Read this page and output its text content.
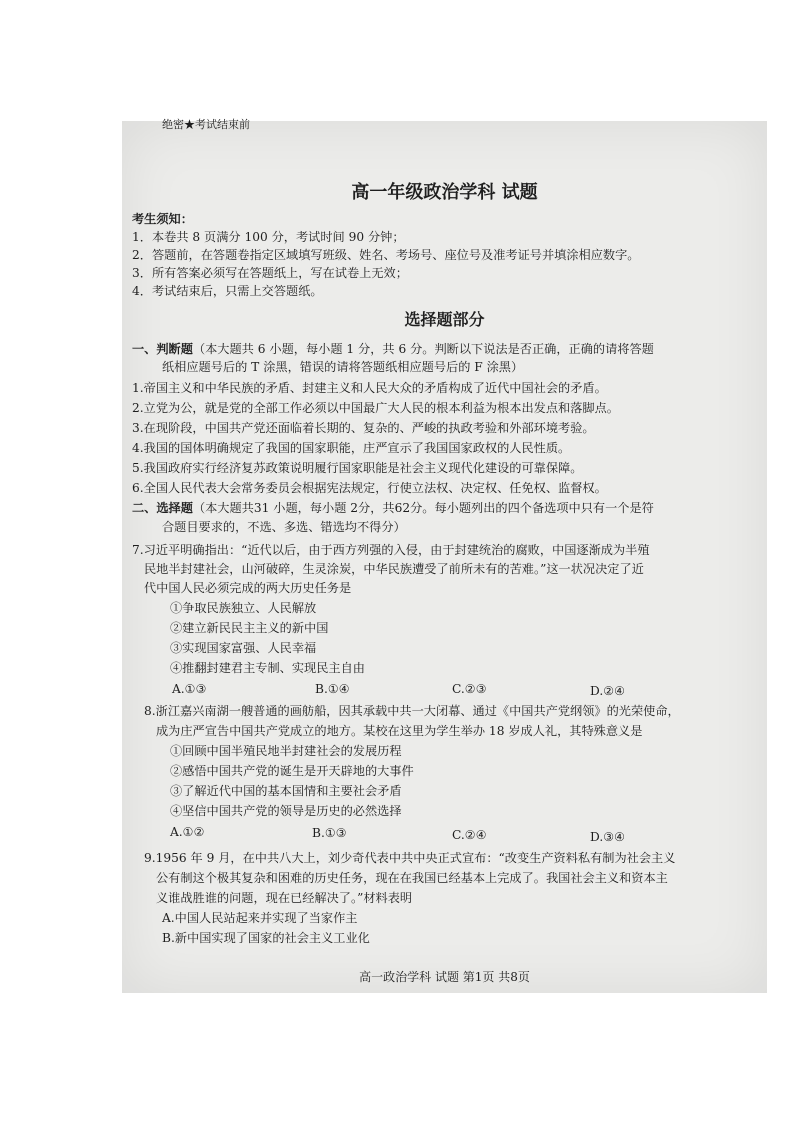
绝密★考试结束前
高一年级政治学科 试题
考生须知：
1．本卷共 8 页满分 100 分，考试时间 90 分钟；
2．答题前，在答题卷指定区域填写班级、姓名、考场号、座位号及准考证号并填涂相应数字。
3．所有答案必须写在答题纸上，写在试卷上无效；
4．考试结束后，只需上交答题纸。
选择题部分
一、判断题（本大题共 6 小题，每小题 1 分，共 6 分。判断以下说法是否正确，正确的请将答题
纸相应题号后的 T 涂黑，错误的请将答题纸相应题号后的 F 涂黑）
1.帝国主义和中华民族的矛盾、封建主义和人民大众的矛盾构成了近代中国社会的矛盾。
2.立党为公，就是党的全部工作必须以中国最广大人民的根本利益为根本出发点和落脚点。
3.在现阶段，中国共产党还面临着长期的、复杂的、严峻的执政考验和外部环境考验。
4.我国的国体明确规定了我国的国家职能，庄严宣示了我国国家政权的人民性质。
5.我国政府实行经济复苏政策说明履行国家职能是社会主义现代化建设的可靠保障。
6.全国人民代表大会常务委员会根据宪法规定，行使立法权、决定权、任免权、监督权。
二、选择题（本大题共31 小题，每小题 2分，共62分。每小题列出的四个备选项中只有一个是符
合题目要求的，不选、多选、错选均不得分）
7.习近平明确指出：“近代以后，由于西方列强的入侵，由于封建统治的腐败，中国逐渐成为半殖
民地半封建社会，山河破碎，生灵涂炭，中华民族遭受了前所未有的苦难。”这一状况决定了近
代中国人民必须完成的两大历史任务是
①争取民族独立、人民解放
②建立新民民主主义的新中国
③实现国家富强、人民幸福
④推翻封建君主专制、实现民主自由
A.①③	B.①④	C.②③	D.②④
8.浙江嘉兴南湖一艘普通的画舫船，因其承载中共一大闭幕、通过《中国共产党纲领》的光荣使命，
成为庄严宣告中国共产党成立的地方。某校在这里为学生举办 18 岁成人礼，其特殊意义是
①回顾中国半殖民地半封建社会的发展历程
②感悟中国共产党的诞生是开天辟地的大事件
③了解近代中国的基本国情和主要社会矛盾
④坚信中国共产党的领导是历史的必然选择
A.①②	B.①③	C.②④	D.③④
9.1956 年 9 月，在中共八大上，刘少奇代表中共中央正式宣布：“改变生产资料私有制为社会主义
公有制这个极其复杂和困难的历史任务，现在在我国已经基本上完成了。我国社会主义和资本主
义谁战胜谁的问题，现在已经解决了。”材料表明
A.中国人民站起来并实现了当家作主
B.新中国实现了国家的社会主义工业化
高一政治学科 试题 第1页 共8页
